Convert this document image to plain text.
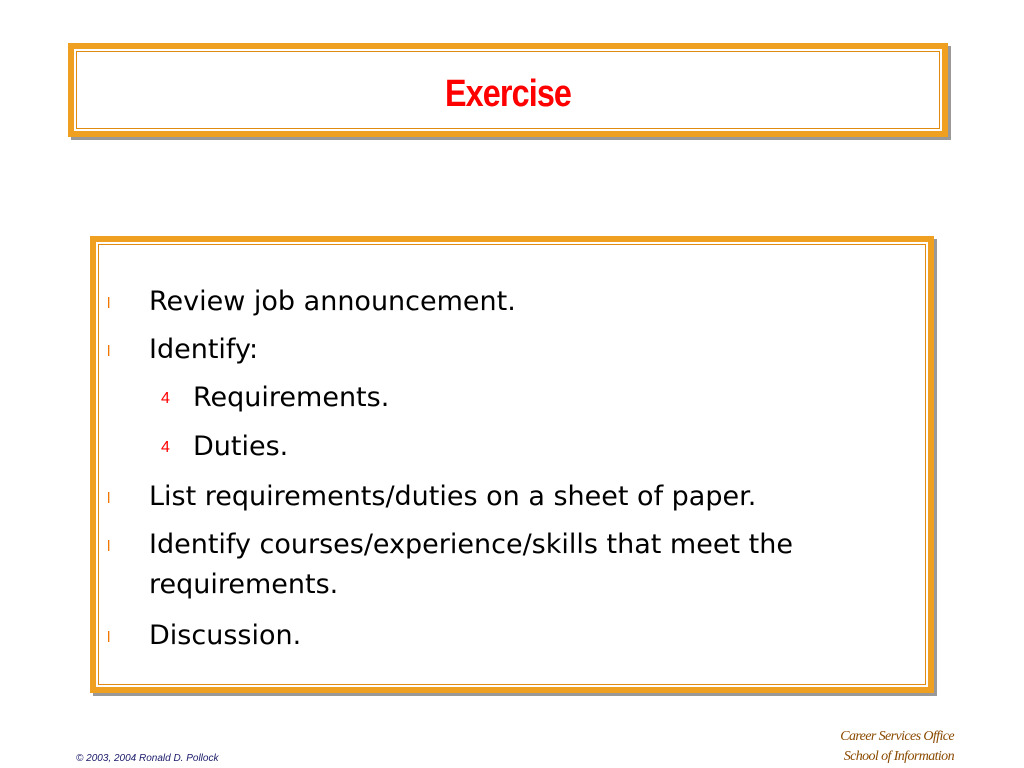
Exercise
l Review job announcement.
l Identify:
4 Requirements.
4 Duties.
l List requirements/duties on a sheet of paper.
l Identify courses/experience/skills that meet the
requirements.
l Discussion.
© 2003, 2004 Ronald D. Pollock
Career Services Office
School of Information
